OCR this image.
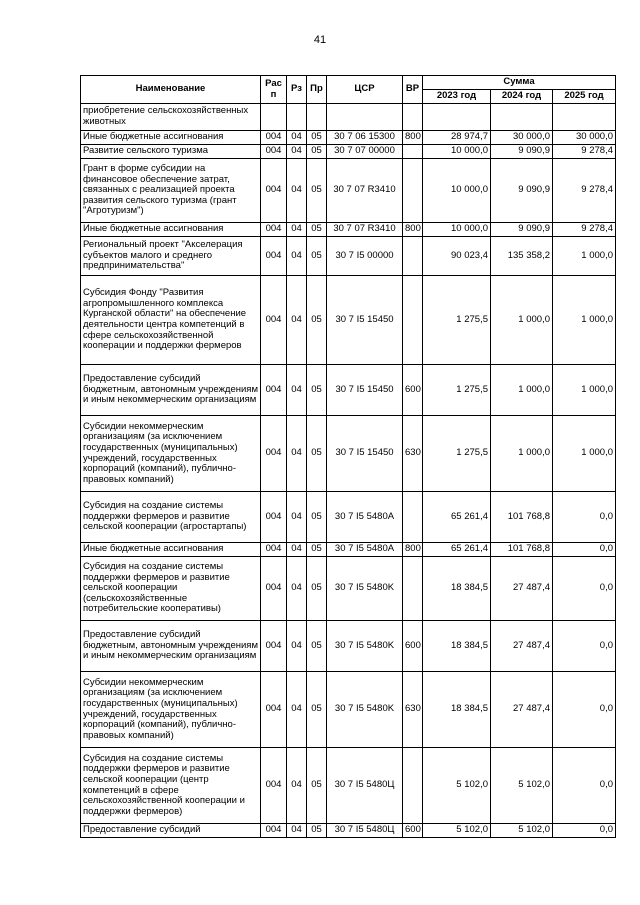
41
Наименование	Рас п	Рз	Пр	ЦСР	ВР	Сумма		
						2023 год	2024 год	2025 год
приобретение сельскохозяйственных животных								
Иные бюджетные ассигнования	004	04	05	30 7 06 15300	800	28 974,7	30 000,0	30 000,0
Развитие сельского туризма	004	04	05	30 7 07 00000		10 000,0	9 090,9	9 278,4
Грант в форме субсидии на финансовое обеспечение затрат, связанных с реализацией проекта развития сельского туризма (грант "Агротуризм")	004	04	05	30 7 07 R3410		10 000,0	9 090,9	9 278,4
Иные бюджетные ассигнования	004	04	05	30 7 07 R3410	800	10 000,0	9 090,9	9 278,4
Региональный проект "Акселерация субъектов малого и среднего предпринимательства"	004	04	05	30 7 I5 00000		90 023,4	135 358,2	1 000,0
Субсидия Фонду "Развития агропромышленного комплекса Курганской области" на обеспечение деятельности центра компетенций в сфере сельскохозяйственной кооперации и поддержки фермеров	004	04	05	30 7 I5 15450		1 275,5	1 000,0	1 000,0
Предоставление субсидий бюджетным, автономным учреждениям и иным некоммерческим организациям	004	04	05	30 7 I5 15450	600	1 275,5	1 000,0	1 000,0
Субсидии некоммерческим организациям (за исключением государственных (муниципальных) учреждений, государственных корпораций (компаний), публично-правовых компаний)	004	04	05	30 7 I5 15450	630	1 275,5	1 000,0	1 000,0
Субсидия на создание системы поддержки фермеров и развитие сельской кооперации (агростартапы)	004	04	05	30 7 I5 5480A		65 261,4	101 768,8	0,0
Иные бюджетные ассигнования	004	04	05	30 7 I5 5480A	800	65 261,4	101 768,8	0,0
Субсидия на создание системы поддержки фермеров и развитие сельской кооперации (сельскохозяйственные потребительские кооперативы)	004	04	05	30 7 I5 5480K		18 384,5	27 487,4	0,0
Предоставление субсидий бюджетным, автономным учреждениям и иным некоммерческим организациям	004	04	05	30 7 I5 5480K	600	18 384,5	27 487,4	0,0
Субсидии некоммерческим организациям (за исключением государственных (муниципальных) учреждений, государственных корпораций (компаний), публично-правовых компаний)	004	04	05	30 7 I5 5480K	630	18 384,5	27 487,4	0,0
Субсидия на создание системы поддержки фермеров и развитие сельской кооперации (центр компетенций в сфере сельскохозяйственной кооперации и поддержки фермеров)	004	04	05	30 7 I5 5480Ц		5 102,0	5 102,0	0,0
Предоставление субсидий	004	04	05	30 7 I5 5480Ц	600	5 102,0	5 102,0	0,0
